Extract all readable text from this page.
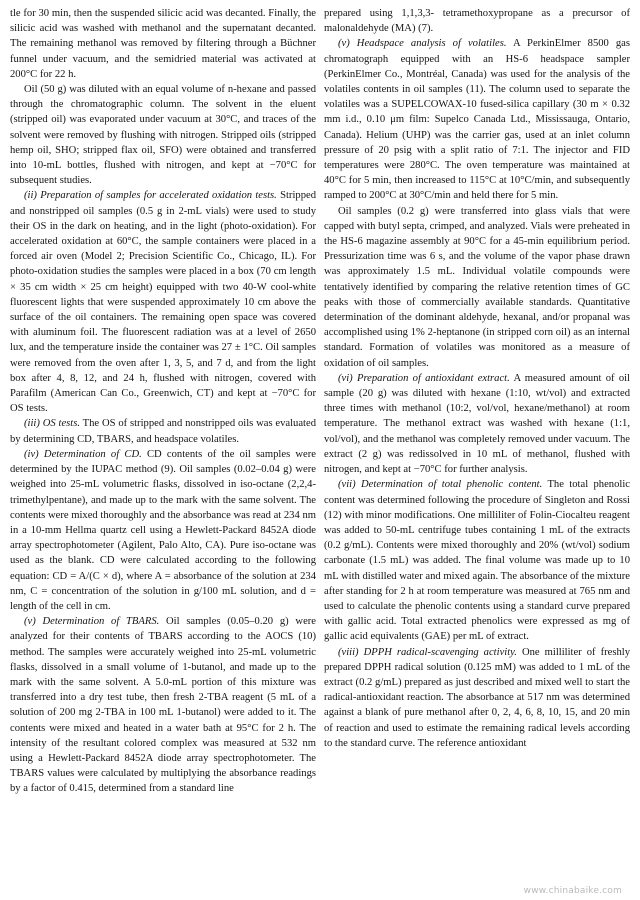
tle for 30 min, then the suspended silicic acid was decanted. Finally, the silicic acid was washed with methanol and the supernatant decanted. The remaining methanol was removed by filtering through a Büchner funnel under vacuum, and the semidried material was activated at 200°C for 22 h.

Oil (50 g) was diluted with an equal volume of n-hexane and passed through the chromatographic column. The solvent in the eluent (stripped oil) was evaporated under vacuum at 30°C, and traces of the solvent were removed by flushing with nitrogen. Stripped oils (stripped hemp oil, SHO; stripped flax oil, SFO) were obtained and transferred into 10-mL bottles, flushed with nitrogen, and kept at −70°C for subsequent studies.

(ii) Preparation of samples for accelerated oxidation tests. Stripped and nonstripped oil samples (0.5 g in 2-mL vials) were used to study their OS in the dark on heating, and in the light (photo-oxidation). For accelerated oxidation at 60°C, the sample containers were placed in a forced air oven (Model 2; Precision Scientific Co., Chicago, IL). For photo-oxidation studies the samples were placed in a box (70 cm length × 35 cm width × 25 cm height) equipped with two 40-W cool-white fluorescent lights that were suspended approximately 10 cm above the surface of the oil containers. The remaining open space was covered with aluminum foil. The fluorescent radiation was at a level of 2650 lux, and the temperature inside the container was 27 ± 1°C. Oil samples were removed from the oven after 1, 3, 5, and 7 d, and from the light box after 4, 8, 12, and 24 h, flushed with nitrogen, covered with Parafilm (American Can Co., Greenwich, CT) and kept at −70°C for OS tests.

(iii) OS tests. The OS of stripped and nonstripped oils was evaluated by determining CD, TBARS, and headspace volatiles.

(iv) Determination of CD. CD contents of the oil samples were determined by the IUPAC method (9). Oil samples (0.02–0.04 g) were weighed into 25-mL volumetric flasks, dissolved in iso-octane (2,2,4-trimethylpentane), and made up to the mark with the same solvent. The contents were mixed thoroughly and the absorbance was read at 234 nm in a 10-mm Hellma quartz cell using a Hewlett-Packard 8452A diode array spectrophotometer (Agilent, Palo Alto, CA). Pure iso-octane was used as the blank. CD were calculated according to the following equation: CD = A/(C × d), where A = absorbance of the solution at 234 nm, C = concentration of the solution in g/100 mL solution, and d = length of the cell in cm.

(v) Determination of TBARS. Oil samples (0.05–0.20 g) were analyzed for their contents of TBARS according to the AOCS (10) method. The samples were accurately weighed into 25-mL volumetric flasks, dissolved in a small volume of 1-butanol, and made up to the mark with the same solvent. A 5.0-mL portion of this mixture was transferred into a dry test tube, then fresh 2-TBA reagent (5 mL of a solution of 200 mg 2-TBA in 100 mL 1-butanol) were added to it. The contents were mixed and heated in a water bath at 95°C for 2 h. The intensity of the resultant colored complex was measured at 532 nm using a Hewlett-Packard 8452A diode array spectrophotometer. The TBARS values were calculated by multiplying the absorbance readings by a factor of 0.415, determined from a standard line

prepared using 1,1,3,3- tetramethoxypropane as a precursor of malonaldehyde (MA) (7).

(v) Headspace analysis of volatiles. A PerkinElmer 8500 gas chromatograph equipped with an HS-6 headspace sampler (PerkinElmer Co., Montréal, Canada) was used for the analysis of the volatiles contents in oil samples (11). The column used to separate the volatiles was a SUPELCOWAX-10 fused-silica capillary (30 m × 0.32 mm i.d., 0.10 μm film: Supelco Canada Ltd., Mississauga, Ontario, Canada). Helium (UHP) was the carrier gas, used at an inlet column pressure of 20 psig with a split ratio of 7:1. The injector and FID temperatures were 280°C. The oven temperature was maintained at 40°C for 5 min, then increased to 115°C at 10°C/min, and subsequently ramped to 200°C at 30°C/min and held there for 5 min.

Oil samples (0.2 g) were transferred into glass vials that were capped with butyl septa, crimped, and analyzed. Vials were preheated in the HS-6 magazine assembly at 90°C for a 45-min equilibrium period. Pressurization time was 6 s, and the volume of the vapor phase drawn was approximately 1.5 mL. Individual volatile compounds were tentatively identified by comparing the relative retention times of GC peaks with those of commercially available standards. Quantitative determination of the dominant aldehyde, hexanal, and/or propanal was accomplished using 1% 2-heptanone (in stripped corn oil) as an internal standard. Formation of volatiles was monitored as a measure of oxidation of oil samples.

(vi) Preparation of antioxidant extract. A measured amount of oil sample (20 g) was diluted with hexane (1:10, wt/vol) and extracted three times with methanol (10:2, vol/vol, hexane/methanol) at room temperature. The methanol extract was washed with hexane (1:1, vol/vol), and the methanol was completely removed under vacuum. The extract (2 g) was redissolved in 10 mL of methanol, flushed with nitrogen, and kept at −70°C for further analysis.

(vii) Determination of total phenolic content. The total phenolic content was determined following the procedure of Singleton and Rossi (12) with minor modifications. One milliliter of Folin-Ciocalteu reagent was added to 50-mL centrifuge tubes containing 1 mL of the extracts (0.2 g/mL). Contents were mixed thoroughly and 20% (wt/vol) sodium carbonate (1.5 mL) was added. The final volume was made up to 10 mL with distilled water and mixed again. The absorbance of the mixture after standing for 2 h at room temperature was measured at 765 nm and used to calculate the phenolic contents using a standard curve prepared with gallic acid. Total extracted phenolics were expressed as mg of gallic acid equivalents (GAE) per mL of extract.

(viii) DPPH radical-scavenging activity. One milliliter of freshly prepared DPPH radical solution (0.125 mM) was added to 1 mL of the extract (0.2 g/mL) prepared as just described and mixed well to start the radical-antioxidant reaction. The absorbance at 517 nm was determined against a blank of pure methanol after 0, 2, 4, 6, 8, 10, 15, and 20 min of reaction and used to estimate the remaining radical levels according to the standard curve. The reference antioxidant

www.chinabaike.com
